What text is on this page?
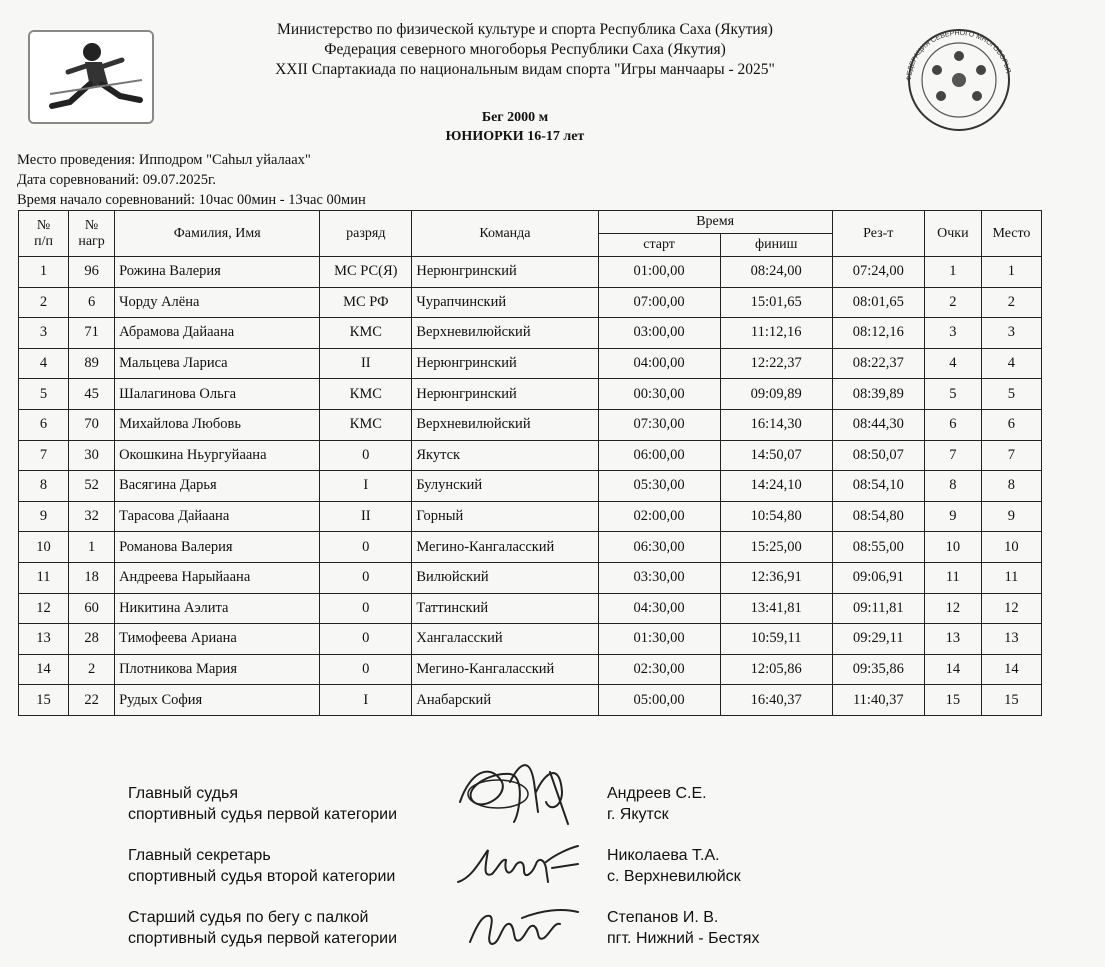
Министерство по физической культуре и спорта Республика Саха (Якутия)
Федерация северного многоборья Республики Саха (Якутия)
XXII Спартакиада по национальным видам спорта "Игры манчаары - 2025"
ФЕДЕРАЦИЯ СЕВЕРНОГО МНОГОБОРЬЯ ·
Бег 2000 м
ЮНИОРКИ 16-17 лет
Место проведения: Ипподром "Саһыл уйалаах"
Дата соревнований: 09.07.2025г.
Время начало соревнований: 10час 00мин - 13час 00мин
№
п/п	№
нагр	Фамилия, Имя	разряд	Команда	Время		Рез-т	Очки	Место
					старт	финиш			
1	96	Рожина Валерия	МС РС(Я)	Нерюнгринский	01:00,00	08:24,00	07:24,00	1	1
2	6	Чорду Алёна	МС РФ	Чурапчинский	07:00,00	15:01,65	08:01,65	2	2
3	71	Абрамова Дайаана	КМС	Верхневилюйский	03:00,00	11:12,16	08:12,16	3	3
4	89	Мальцева Лариса	II	Нерюнгринский	04:00,00	12:22,37	08:22,37	4	4
5	45	Шалагинова Ольга	КМС	Нерюнгринский	00:30,00	09:09,89	08:39,89	5	5
6	70	Михайлова Любовь	КМС	Верхневилюйский	07:30,00	16:14,30	08:44,30	6	6
7	30	Окошкина Ньургуйаана	0	Якутск	06:00,00	14:50,07	08:50,07	7	7
8	52	Васягина Дарья	I	Булунский	05:30,00	14:24,10	08:54,10	8	8
9	32	Тарасова Дайаана	II	Горный	02:00,00	10:54,80	08:54,80	9	9
10	1	Романова Валерия	0	Мегино-Кангаласский	06:30,00	15:25,00	08:55,00	10	10
11	18	Андреева Нарыйаана	0	Вилюйский	03:30,00	12:36,91	09:06,91	11	11
12	60	Никитина Аэлита	0	Таттинский	04:30,00	13:41,81	09:11,81	12	12
13	28	Тимофеева Ариана	0	Хангаласский	01:30,00	10:59,11	09:29,11	13	13
14	2	Плотникова Мария	0	Мегино-Кангаласский	02:30,00	12:05,86	09:35,86	14	14
15	22	Рудых София	I	Анабарский	05:00,00	16:40,37	11:40,37	15	15
Главный судья
спортивный судья первой категории
Андреев С.Е.
г. Якутск
Главный секретарь
спортивный судья второй категории
Николаева Т.А.
с. Верхневилюйск
Старший судья по бегу с палкой
спортивный судья первой категории
Степанов И. В.
пгт. Нижний - Бестях
